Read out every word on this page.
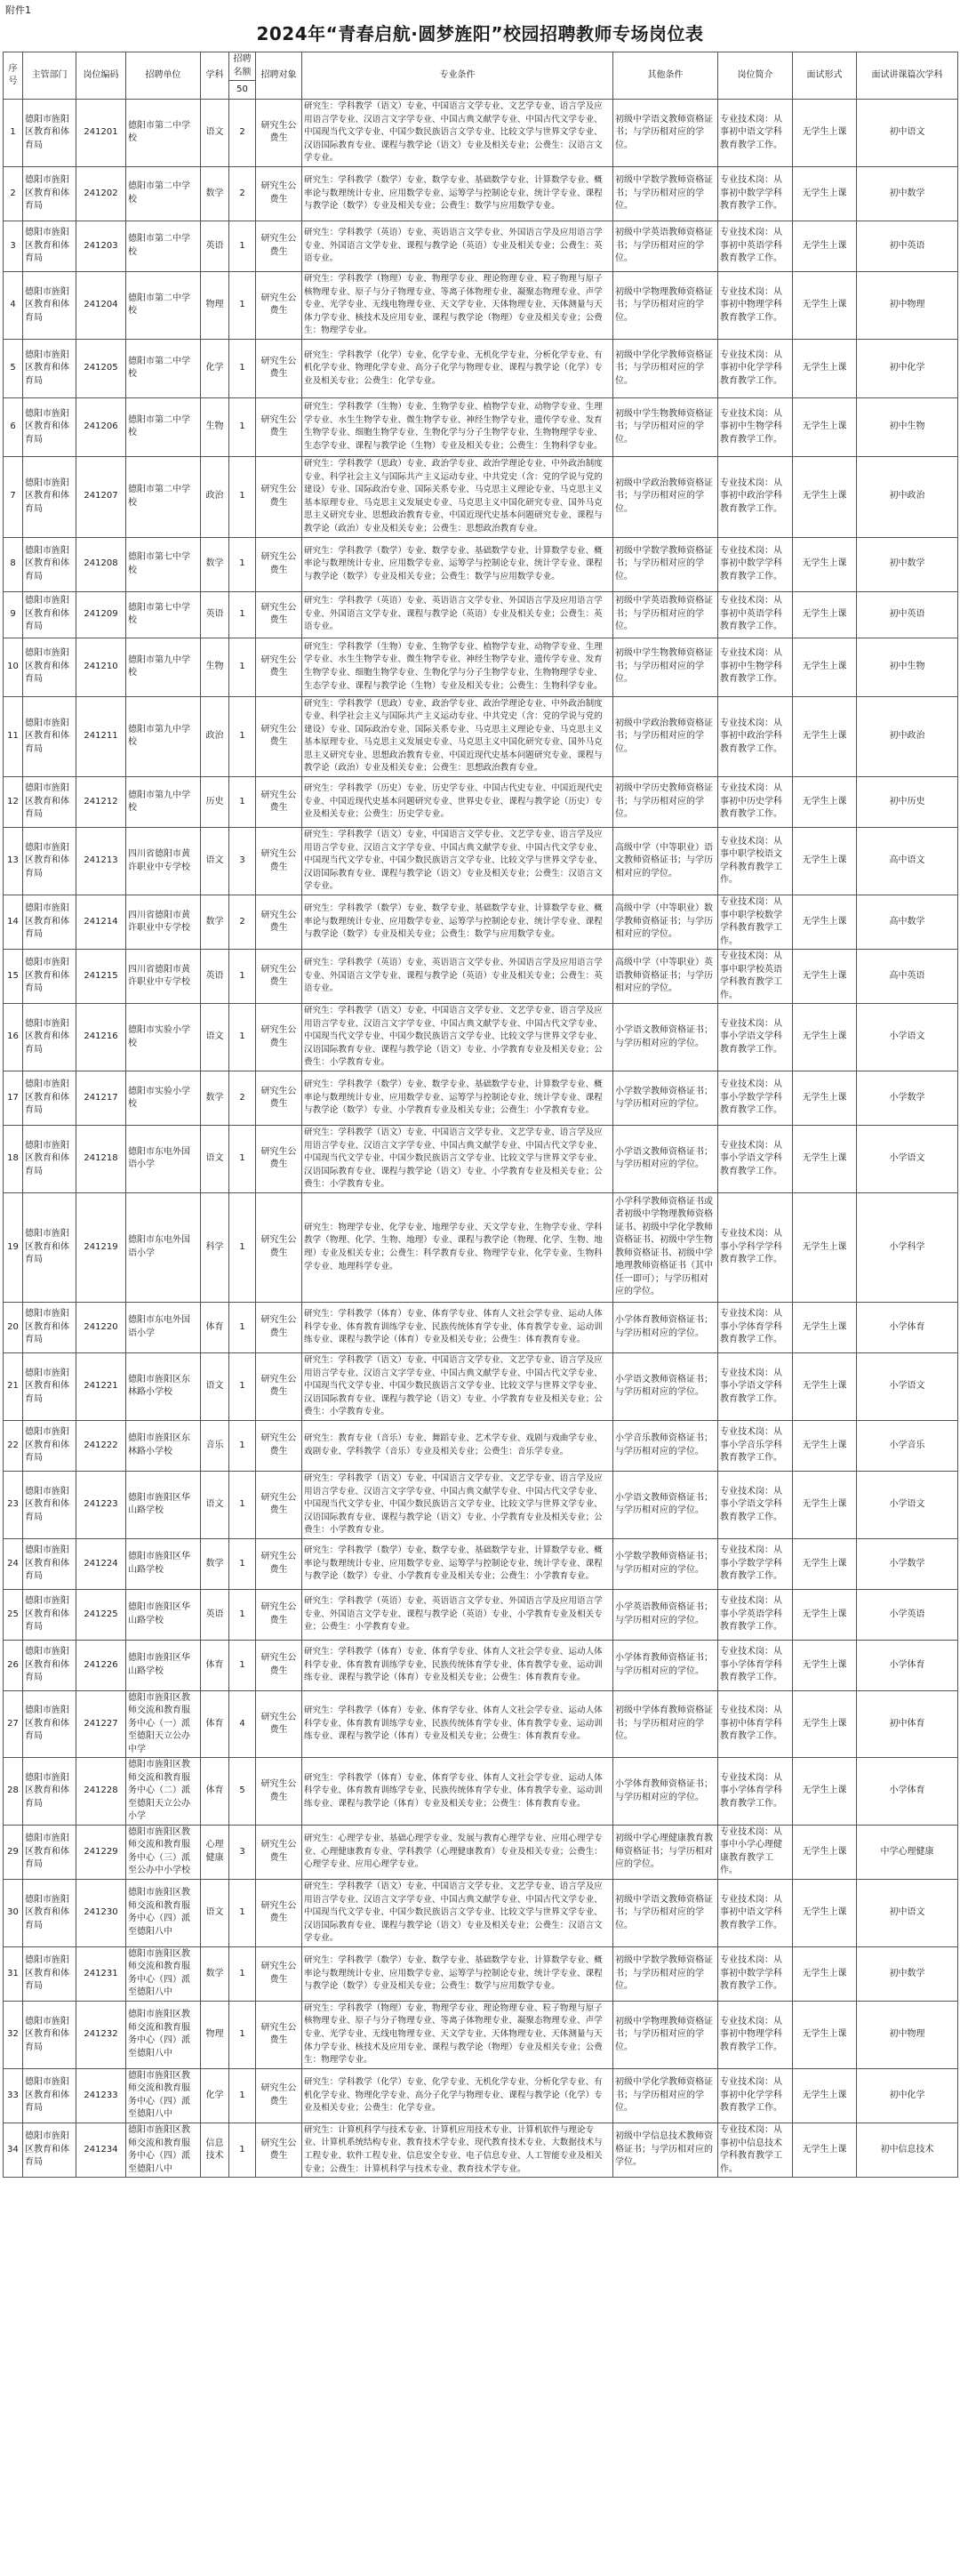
附件1
2024年“青春启航·圆梦旌阳”校园招聘教师专场岗位表
序号	主管部门	岗位编码	招聘单位	学科	招聘名额	招聘对象	专业条件	其他条件	岗位简介	面试形式	面试讲课篇次学科
					50						
1	德阳市旌阳区教育和体育局	241201	德阳市第二中学校	语文	2	研究生公费生	研究生：学科教学（语文）专业、中国语言文学专业、文艺学专业、语言学及应用语言学专业、汉语言文字学专业、中国古典文献学专业、中国古代文学专业、中国现当代文学专业、中国少数民族语言文学专业、比较文学与世界文学专业、汉语国际教育专业、课程与教学论（语文）专业及相关专业；公费生：汉语言文学专业。	初级中学语文教师资格证书；与学历相对应的学位。	专业技术岗：从事初中语文学科教育教学工作。	无学生上课	初中语文
2	德阳市旌阳区教育和体育局	241202	德阳市第二中学校	数学	2	研究生公费生	研究生：学科教学（数学）专业、数学专业、基础数学专业、计算数学专业、概率论与数理统计专业、应用数学专业、运筹学与控制论专业、统计学专业、课程与教学论（数学）专业及相关专业；公费生：数学与应用数学专业。	初级中学数学教师资格证书；与学历相对应的学位。	专业技术岗：从事初中数学学科教育教学工作。	无学生上课	初中数学
3	德阳市旌阳区教育和体育局	241203	德阳市第二中学校	英语	1	研究生公费生	研究生：学科教学（英语）专业、英语语言文学专业、外国语言学及应用语言学专业、外国语言文学专业、课程与教学论（英语）专业及相关专业；公费生：英语专业。	初级中学英语教师资格证书；与学历相对应的学位。	专业技术岗：从事初中英语学科教育教学工作。	无学生上课	初中英语
4	德阳市旌阳区教育和体育局	241204	德阳市第二中学校	物理	1	研究生公费生	研究生：学科教学（物理）专业、物理学专业、理论物理专业、粒子物理与原子核物理专业、原子与分子物理专业、等离子体物理专业、凝聚态物理专业、声学专业、光学专业、无线电物理专业、天文学专业、天体物理专业、天体测量与天体力学专业、核技术及应用专业、课程与教学论（物理）专业及相关专业；公费生：物理学专业。	初级中学物理教师资格证书；与学历相对应的学位。	专业技术岗：从事初中物理学科教育教学工作。	无学生上课	初中物理
5	德阳市旌阳区教育和体育局	241205	德阳市第二中学校	化学	1	研究生公费生	研究生：学科教学（化学）专业、化学专业、无机化学专业、分析化学专业、有机化学专业、物理化学专业、高分子化学与物理专业、课程与教学论（化学）专业及相关专业；公费生：化学专业。	初级中学化学教师资格证书；与学历相对应的学位。	专业技术岗：从事初中化学学科教育教学工作。	无学生上课	初中化学
6	德阳市旌阳区教育和体育局	241206	德阳市第二中学校	生物	1	研究生公费生	研究生：学科教学（生物）专业、生物学专业、植物学专业、动物学专业、生理学专业、水生生物学专业、微生物学专业、神经生物学专业、遗传学专业、发育生物学专业、细胞生物学专业、生物化学与分子生物学专业、生物物理学专业、生态学专业、课程与教学论（生物）专业及相关专业；公费生：生物科学专业。	初级中学生物教师资格证书；与学历相对应的学位。	专业技术岗：从事初中生物学科教育教学工作。	无学生上课	初中生物
7	德阳市旌阳区教育和体育局	241207	德阳市第二中学校	政治	1	研究生公费生	研究生：学科教学（思政）专业、政治学专业、政治学理论专业、中外政治制度专业、科学社会主义与国际共产主义运动专业、中共党史（含：党的学说与党的建设）专业、国际政治专业、国际关系专业、马克思主义理论专业、马克思主义基本原理专业、马克思主义发展史专业、马克思主义中国化研究专业、国外马克思主义研究专业、思想政治教育专业、中国近现代史基本问题研究专业、课程与教学论（政治）专业及相关专业；公费生：思想政治教育专业。	初级中学政治教师资格证书；与学历相对应的学位。	专业技术岗：从事初中政治学科教育教学工作。	无学生上课	初中政治
8	德阳市旌阳区教育和体育局	241208	德阳市第七中学校	数学	1	研究生公费生	研究生：学科教学（数学）专业、数学专业、基础数学专业、计算数学专业、概率论与数理统计专业、应用数学专业、运筹学与控制论专业、统计学专业、课程与教学论（数学）专业及相关专业；公费生：数学与应用数学专业。	初级中学数学教师资格证书；与学历相对应的学位。	专业技术岗：从事初中数学学科教育教学工作。	无学生上课	初中数学
9	德阳市旌阳区教育和体育局	241209	德阳市第七中学校	英语	1	研究生公费生	研究生：学科教学（英语）专业、英语语言文学专业、外国语言学及应用语言学专业、外国语言文学专业、课程与教学论（英语）专业及相关专业；公费生：英语专业。	初级中学英语教师资格证书；与学历相对应的学位。	专业技术岗：从事初中英语学科教育教学工作。	无学生上课	初中英语
10	德阳市旌阳区教育和体育局	241210	德阳市第九中学校	生物	1	研究生公费生	研究生：学科教学（生物）专业、生物学专业、植物学专业、动物学专业、生理学专业、水生生物学专业、微生物学专业、神经生物学专业、遗传学专业、发育生物学专业、细胞生物学专业、生物化学与分子生物学专业、生物物理学专业、生态学专业、课程与教学论（生物）专业及相关专业；公费生：生物科学专业。	初级中学生物教师资格证书；与学历相对应的学位。	专业技术岗：从事初中生物学科教育教学工作。	无学生上课	初中生物
11	德阳市旌阳区教育和体育局	241211	德阳市第九中学校	政治	1	研究生公费生	研究生：学科教学（思政）专业、政治学专业、政治学理论专业、中外政治制度专业、科学社会主义与国际共产主义运动专业、中共党史（含：党的学说与党的建设）专业、国际政治专业、国际关系专业、马克思主义理论专业、马克思主义基本原理专业、马克思主义发展史专业、马克思主义中国化研究专业、国外马克思主义研究专业、思想政治教育专业、中国近现代史基本问题研究专业、课程与教学论（政治）专业及相关专业；公费生：思想政治教育专业。	初级中学政治教师资格证书；与学历相对应的学位。	专业技术岗：从事初中政治学科教育教学工作。	无学生上课	初中政治
12	德阳市旌阳区教育和体育局	241212	德阳市第九中学校	历史	1	研究生公费生	研究生：学科教学（历史）专业、历史学专业、中国古代史专业、中国近现代史专业、中国近现代史基本问题研究专业、世界史专业、课程与教学论（历史）专业及相关专业；公费生：历史学专业。	初级中学历史教师资格证书；与学历相对应的学位。	专业技术岗：从事初中历史学科教育教学工作。	无学生上课	初中历史
13	德阳市旌阳区教育和体育局	241213	四川省德阳市黄许职业中专学校	语文	3	研究生公费生	研究生：学科教学（语文）专业、中国语言文学专业、文艺学专业、语言学及应用语言学专业、汉语言文字学专业、中国古典文献学专业、中国古代文学专业、中国现当代文学专业、中国少数民族语言文学专业、比较文学与世界文学专业、汉语国际教育专业、课程与教学论（语文）专业及相关专业；公费生：汉语言文学专业。	高级中学（中等职业）语文教师资格证书；与学历相对应的学位。	专业技术岗：从事中职学校语文学科教育教学工作。	无学生上课	高中语文
14	德阳市旌阳区教育和体育局	241214	四川省德阳市黄许职业中专学校	数学	2	研究生公费生	研究生：学科教学（数学）专业、数学专业、基础数学专业、计算数学专业、概率论与数理统计专业、应用数学专业、运筹学与控制论专业、统计学专业、课程与教学论（数学）专业及相关专业；公费生：数学与应用数学专业。	高级中学（中等职业）数学教师资格证书；与学历相对应的学位。	专业技术岗：从事中职学校数学学科教育教学工作。	无学生上课	高中数学
15	德阳市旌阳区教育和体育局	241215	四川省德阳市黄许职业中专学校	英语	1	研究生公费生	研究生：学科教学（英语）专业、英语语言文学专业、外国语言学及应用语言学专业、外国语言文学专业、课程与教学论（英语）专业及相关专业；公费生：英语专业。	高级中学（中等职业）英语教师资格证书；与学历相对应的学位。	专业技术岗：从事中职学校英语学科教育教学工作。	无学生上课	高中英语
16	德阳市旌阳区教育和体育局	241216	德阳市实验小学校	语文	1	研究生公费生	研究生：学科教学（语文）专业、中国语言文学专业、文艺学专业、语言学及应用语言学专业、汉语言文字学专业、中国古典文献学专业、中国古代文学专业、中国现当代文学专业、中国少数民族语言文学专业、比较文学与世界文学专业、汉语国际教育专业、课程与教学论（语文）专业、小学教育专业及相关专业；公费生：小学教育专业。	小学语文教师资格证书；与学历相对应的学位。	专业技术岗：从事小学语文学科教育教学工作。	无学生上课	小学语文
17	德阳市旌阳区教育和体育局	241217	德阳市实验小学校	数学	2	研究生公费生	研究生：学科教学（数学）专业、数学专业、基础数学专业、计算数学专业、概率论与数理统计专业、应用数学专业、运筹学与控制论专业、统计学专业、课程与教学论（数学）专业、小学教育专业及相关专业；公费生：小学教育专业。	小学数学教师资格证书；与学历相对应的学位。	专业技术岗：从事小学数学学科教育教学工作。	无学生上课	小学数学
18	德阳市旌阳区教育和体育局	241218	德阳市东电外国语小学	语文	1	研究生公费生	研究生：学科教学（语文）专业、中国语言文学专业、文艺学专业、语言学及应用语言学专业、汉语言文字学专业、中国古典文献学专业、中国古代文学专业、中国现当代文学专业、中国少数民族语言文学专业、比较文学与世界文学专业、汉语国际教育专业、课程与教学论（语文）专业、小学教育专业及相关专业；公费生：小学教育专业。	小学语文教师资格证书；与学历相对应的学位。	专业技术岗：从事小学语文学科教育教学工作。	无学生上课	小学语文
19	德阳市旌阳区教育和体育局	241219	德阳市东电外国语小学	科学	1	研究生公费生	研究生：物理学专业、化学专业、地理学专业、天文学专业、生物学专业、学科教学（物理、化学、生物、地理）专业、课程与教学论（物理、化学、生物、地理）专业及相关专业；公费生：科学教育专业、物理学专业、化学专业、生物科学专业、地理科学专业。	小学科学教师资格证书或者初级中学物理教师资格证书、初级中学化学教师资格证书、初级中学生物教师资格证书、初级中学地理教师资格证书（其中任一即可）；与学历相对应的学位。	专业技术岗：从事小学科学学科教育教学工作。	无学生上课	小学科学
20	德阳市旌阳区教育和体育局	241220	德阳市东电外国语小学	体育	1	研究生公费生	研究生：学科教学（体育）专业、体育学专业、体育人文社会学专业、运动人体科学专业、体育教育训练学专业、民族传统体育学专业、体育教学专业、运动训练专业、课程与教学论（体育）专业及相关专业；公费生：体育教育专业。	小学体育教师资格证书；与学历相对应的学位。	专业技术岗：从事小学体育学科教育教学工作。	无学生上课	小学体育
21	德阳市旌阳区教育和体育局	241221	德阳市旌阳区东林路小学校	语文	1	研究生公费生	研究生：学科教学（语文）专业、中国语言文学专业、文艺学专业、语言学及应用语言学专业、汉语言文字学专业、中国古典文献学专业、中国古代文学专业、中国现当代文学专业、中国少数民族语言文学专业、比较文学与世界文学专业、汉语国际教育专业、课程与教学论（语文）专业、小学教育专业及相关专业；公费生：小学教育专业。	小学语文教师资格证书；与学历相对应的学位。	专业技术岗：从事小学语文学科教育教学工作。	无学生上课	小学语文
22	德阳市旌阳区教育和体育局	241222	德阳市旌阳区东林路小学校	音乐	1	研究生公费生	研究生：教育专业（音乐）专业、舞蹈专业、艺术学专业、戏剧与戏曲学专业、戏剧专业、学科教学（音乐）专业及相关专业；公费生：音乐学专业。	小学音乐教师资格证书；与学历相对应的学位。	专业技术岗：从事小学音乐学科教育教学工作。	无学生上课	小学音乐
23	德阳市旌阳区教育和体育局	241223	德阳市旌阳区华山路学校	语文	1	研究生公费生	研究生：学科教学（语文）专业、中国语言文学专业、文艺学专业、语言学及应用语言学专业、汉语言文字学专业、中国古典文献学专业、中国古代文学专业、中国现当代文学专业、中国少数民族语言文学专业、比较文学与世界文学专业、汉语国际教育专业、课程与教学论（语文）专业、小学教育专业及相关专业；公费生：小学教育专业。	小学语文教师资格证书；与学历相对应的学位。	专业技术岗：从事小学语文学科教育教学工作。	无学生上课	小学语文
24	德阳市旌阳区教育和体育局	241224	德阳市旌阳区华山路学校	数学	1	研究生公费生	研究生：学科教学（数学）专业、数学专业、基础数学专业、计算数学专业、概率论与数理统计专业、应用数学专业、运筹学与控制论专业、统计学专业、课程与教学论（数学）专业、小学教育专业及相关专业；公费生：小学教育专业。	小学数学教师资格证书；与学历相对应的学位。	专业技术岗：从事小学数学学科教育教学工作。	无学生上课	小学数学
25	德阳市旌阳区教育和体育局	241225	德阳市旌阳区华山路学校	英语	1	研究生公费生	研究生：学科教学（英语）专业、英语语言文学专业、外国语言学及应用语言学专业、外国语言文学专业、课程与教学论（英语）专业、小学教育专业及相关专业；公费生：小学教育专业。	小学英语教师资格证书；与学历相对应的学位。	专业技术岗：从事小学英语学科教育教学工作。	无学生上课	小学英语
26	德阳市旌阳区教育和体育局	241226	德阳市旌阳区华山路学校	体育	1	研究生公费生	研究生：学科教学（体育）专业、体育学专业、体育人文社会学专业、运动人体科学专业、体育教育训练学专业、民族传统体育学专业、体育教学专业、运动训练专业、课程与教学论（体育）专业及相关专业；公费生：体育教育专业。	小学体育教师资格证书；与学历相对应的学位。	专业技术岗：从事小学体育学科教育教学工作。	无学生上课	小学体育
27	德阳市旌阳区教育和体育局	241227	德阳市旌阳区教师交流和教育服务中心（一）派至德阳天立公办中学	体育	4	研究生公费生	研究生：学科教学（体育）专业、体育学专业、体育人文社会学专业、运动人体科学专业、体育教育训练学专业、民族传统体育学专业、体育教学专业、运动训练专业、课程与教学论（体育）专业及相关专业；公费生：体育教育专业。	初级中学体育教师资格证书；与学历相对应的学位。	专业技术岗：从事初中体育学科教育教学工作。	无学生上课	初中体育
28	德阳市旌阳区教育和体育局	241228	德阳市旌阳区教师交流和教育服务中心（二）派至德阳天立公办小学	体育	5	研究生公费生	研究生：学科教学（体育）专业、体育学专业、体育人文社会学专业、运动人体科学专业、体育教育训练学专业、民族传统体育学专业、体育教学专业、运动训练专业、课程与教学论（体育）专业及相关专业；公费生：体育教育专业。	小学体育教师资格证书；与学历相对应的学位。	专业技术岗：从事小学体育学科教育教学工作。	无学生上课	小学体育
29	德阳市旌阳区教育和体育局	241229	德阳市旌阳区教师交流和教育服务中心（三）派至公办中小学校	心理健康	3	研究生公费生	研究生：心理学专业、基础心理学专业、发展与教育心理学专业、应用心理学专业、心理健康教育专业、学科教学（心理健康教育）专业及相关专业；公费生：心理学专业、应用心理学专业。	初级中学心理健康教育教师资格证书；与学历相对应的学位。	专业技术岗：从事中小学心理健康教育教学工作。	无学生上课	中学心理健康
30	德阳市旌阳区教育和体育局	241230	德阳市旌阳区教师交流和教育服务中心（四）派至德阳八中	语文	1	研究生公费生	研究生：学科教学（语文）专业、中国语言文学专业、文艺学专业、语言学及应用语言学专业、汉语言文字学专业、中国古典文献学专业、中国古代文学专业、中国现当代文学专业、中国少数民族语言文学专业、比较文学与世界文学专业、汉语国际教育专业、课程与教学论（语文）专业及相关专业；公费生：汉语言文学专业。	初级中学语文教师资格证书；与学历相对应的学位。	专业技术岗：从事初中语文学科教育教学工作。	无学生上课	初中语文
31	德阳市旌阳区教育和体育局	241231	德阳市旌阳区教师交流和教育服务中心（四）派至德阳八中	数学	1	研究生公费生	研究生：学科教学（数学）专业、数学专业、基础数学专业、计算数学专业、概率论与数理统计专业、应用数学专业、运筹学与控制论专业、统计学专业、课程与教学论（数学）专业及相关专业；公费生：数学与应用数学专业。	初级中学数学教师资格证书；与学历相对应的学位。	专业技术岗：从事初中数学学科教育教学工作。	无学生上课	初中数学
32	德阳市旌阳区教育和体育局	241232	德阳市旌阳区教师交流和教育服务中心（四）派至德阳八中	物理	1	研究生公费生	研究生：学科教学（物理）专业、物理学专业、理论物理专业、粒子物理与原子核物理专业、原子与分子物理专业、等离子体物理专业、凝聚态物理专业、声学专业、光学专业、无线电物理专业、天文学专业、天体物理专业、天体测量与天体力学专业、核技术及应用专业、课程与教学论（物理）专业及相关专业；公费生：物理学专业。	初级中学物理教师资格证书；与学历相对应的学位。	专业技术岗：从事初中物理学科教育教学工作。	无学生上课	初中物理
33	德阳市旌阳区教育和体育局	241233	德阳市旌阳区教师交流和教育服务中心（四）派至德阳八中	化学	1	研究生公费生	研究生：学科教学（化学）专业、化学专业、无机化学专业、分析化学专业、有机化学专业、物理化学专业、高分子化学与物理专业、课程与教学论（化学）专业及相关专业；公费生：化学专业。	初级中学化学教师资格证书；与学历相对应的学位。	专业技术岗：从事初中化学学科教育教学工作。	无学生上课	初中化学
34	德阳市旌阳区教育和体育局	241234	德阳市旌阳区教师交流和教育服务中心（四）派至德阳八中	信息技术	1	研究生公费生	研究生：计算机科学与技术专业、计算机应用技术专业、计算机软件与理论专业、计算机系统结构专业、教育技术学专业、现代教育技术专业、大数据技术与工程专业、软件工程专业、信息安全专业、电子信息专业、人工智能专业及相关专业；公费生：计算机科学与技术专业、教育技术学专业。	初级中学信息技术教师资格证书；与学历相对应的学位。	专业技术岗：从事初中信息技术学科教育教学工作。	无学生上课	初中信息技术
